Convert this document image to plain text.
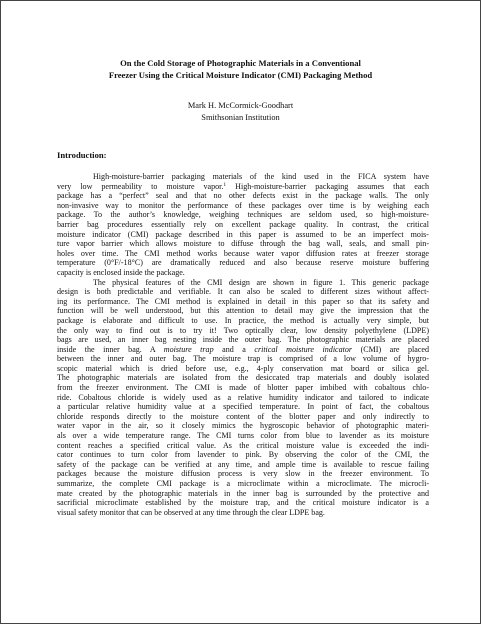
On the Cold Storage of Photographic Materials in a Conventional
Freezer Using the Critical Moisture Indicator (CMI) Packaging Method
Mark H. McCormick-Goodhart
Smithsonian Institution
Introduction:
High-moisture-barrier packaging materials of the kind used in the FICA system have
very low permeability to moisture vapor.$^1$ High-moisture-barrier packaging assumes that each
package has a “perfect” seal and that no other defects exist in the package walls. The only
non-invasive way to monitor the performance of these packages over time is by weighing each
package. To the author’s knowledge, weighing techniques are seldom used, so high-moisture-
barrier bag procedures essentially rely on excellent package quality. In contrast, the critical
moisture indicator (CMI) package described in this paper is assumed to be an imperfect mois-
ture vapor barrier which allows moisture to diffuse through the bag wall, seals, and small pin-
holes over time. The CMI method works because water vapor diffusion rates at freezer storage
temperature (0°F/-18°C) are dramatically reduced and also because reserve moisture buffering
capacity is enclosed inside the package.
The physical features of the CMI design are shown in figure 1. This generic package
design is both predictable and verifiable. It can also be scaled to different sizes without affect-
ing its performance. The CMI method is explained in detail in this paper so that its safety and
function will be well understood, but this attention to detail may give the impression that the
package is elaborate and difficult to use. In practice, the method is actually very simple, but
the only way to find out is to try it! Two optically clear, low density polyethylene (LDPE)
bags are used, an inner bag nesting inside the outer bag. The photographic materials are placed
inside the inner bag. A moisture trap and a critical moisture indicator (CMI) are placed
between the inner and outer bag. The moisture trap is comprised of a low volume of hygro-
scopic material which is dried before use, e.g., 4-ply conservation mat board or silica gel.
The photographic materials are isolated from the desiccated trap materials and doubly isolated
from the freezer environment. The CMI is made of blotter paper imbibed with cobaltous chlo-
ride. Cobaltous chloride is widely used as a relative humidity indicator and tailored to indicate
a particular relative humidity value at a specified temperature. In point of fact, the cobaltous
chloride responds directly to the moisture content of the blotter paper and only indirectly to
water vapor in the air, so it closely mimics the hygroscopic behavior of photographic materi-
als over a wide temperature range. The CMI turns color from blue to lavender as its moisture
content reaches a specified critical value. As the critical moisture value is exceeded the indi-
cator continues to turn color from lavender to pink. By observing the color of the CMI, the
safety of the package can be verified at any time, and ample time is available to rescue failing
packages because the moisture diffusion process is very slow in the freezer environment. To
summarize, the complete CMI package is a microclimate within a microclimate. The microcli-
mate created by the photographic materials in the inner bag is surrounded by the protective and
sacrificial microclimate established by the moisture trap, and the critical moisture indicator is a
visual safety monitor that can be observed at any time through the clear LDPE bag.
